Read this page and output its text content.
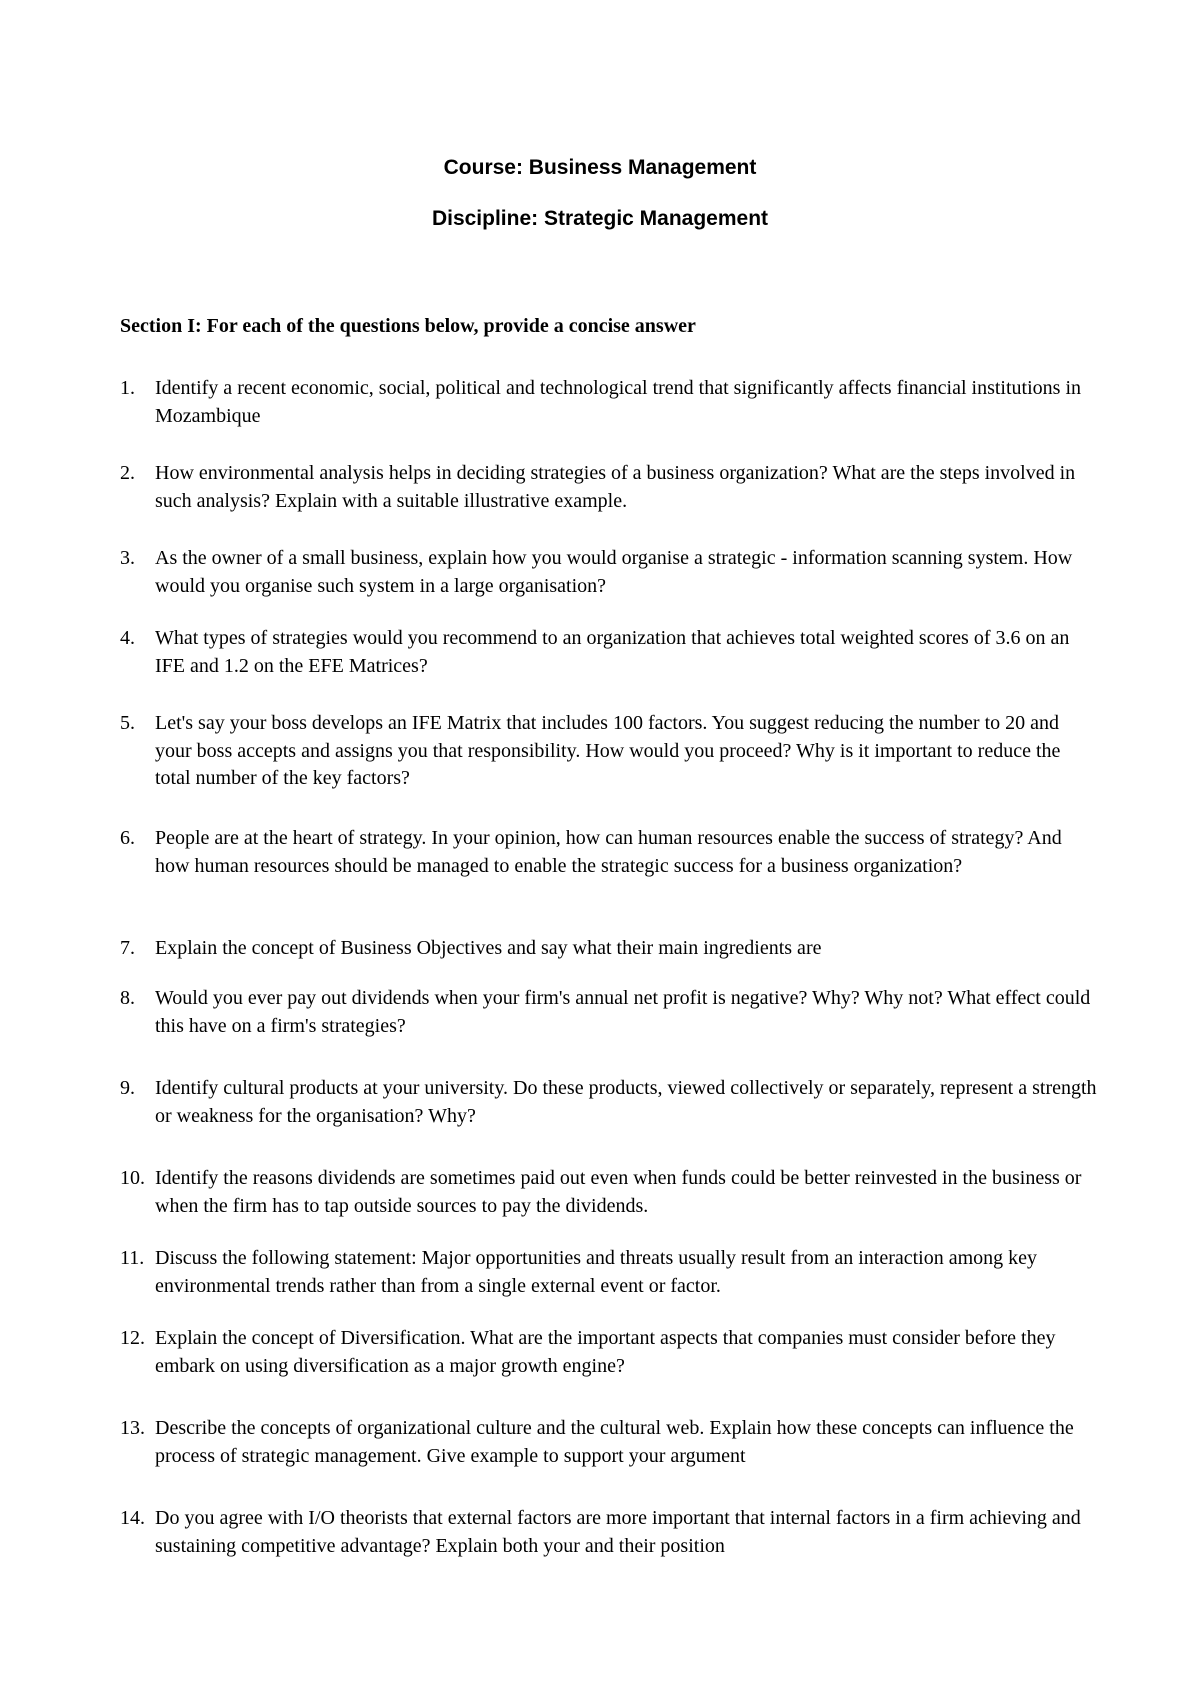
Course: Business Management
Discipline: Strategic Management
Section I: For each of the questions below, provide a concise answer
1.	Identify a recent economic, social, political and technological trend that significantly affects financial institutions in Mozambique
2.	How environmental analysis helps in deciding strategies of a business organization? What are the steps involved in such analysis? Explain with a suitable illustrative example.
3.	As the owner of a small business, explain how you would organise a strategic - information scanning system. How would you organise such system in a large organisation?
4.	What types of strategies would you recommend to an organization that achieves total weighted scores of 3.6 on an IFE and 1.2 on the EFE Matrices?
5.	Let's say your boss develops an IFE Matrix that includes 100 factors. You suggest reducing the number to 20 and your boss accepts and assigns you that responsibility. How would you proceed? Why is it important to reduce the total number of the key factors?
6.	People are at the heart of strategy. In your opinion, how can human resources enable the success of strategy? And how human resources should be managed to enable the strategic success for a business organization?
7.	Explain the concept of Business Objectives and say what their main ingredients are
8.	Would you ever pay out dividends when your firm's annual net profit is negative? Why? Why not? What effect could this have on a firm's strategies?
9.	Identify cultural products at your university. Do these products, viewed collectively or separately, represent a strength or weakness for the organisation? Why?
10. Identify the reasons dividends are sometimes paid out even when funds could be better reinvested in the business or when the firm has to tap outside sources to pay the dividends.
11. Discuss the following statement: Major opportunities and threats usually result from an interaction among key environmental trends rather than from a single external event or factor.
12. Explain the concept of Diversification. What are the important aspects that companies must consider before they embark on using diversification as a major growth engine?
13. Describe the concepts of organizational culture and the cultural web. Explain how these concepts can influence the process of strategic management. Give example to support your argument
14. Do you agree with I/O theorists that external factors are more important that internal factors in a firm achieving and sustaining competitive advantage? Explain both your and their position
